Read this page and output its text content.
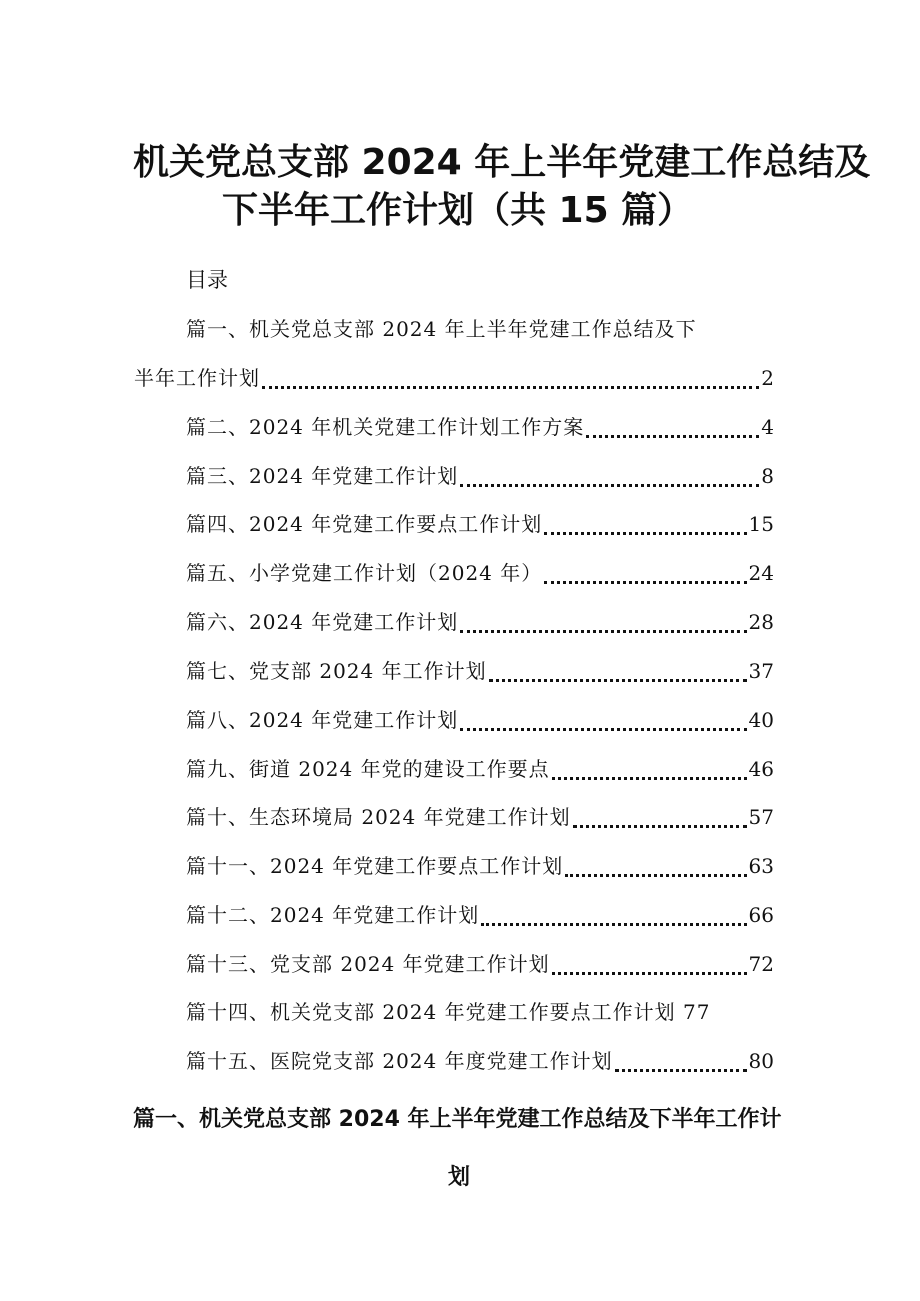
机关党总支部 2024 年上半年党建工作总结及
下半年工作计划（共 15 篇）
目录
篇一、机关党总支部 2024 年上半年党建工作总结及下
半年工作计划	2
篇二、2024 年机关党建工作计划工作方案	4
篇三、2024 年党建工作计划	8
篇四、2024 年党建工作要点工作计划	15
篇五、小学党建工作计划（2024 年）	24
篇六、2024 年党建工作计划	28
篇七、党支部 2024 年工作计划	37
篇八、2024 年党建工作计划	40
篇九、街道 2024 年党的建设工作要点	46
篇十、生态环境局 2024 年党建工作计划	57
篇十一、2024 年党建工作要点工作计划	63
篇十二、2024 年党建工作计划	66
篇十三、党支部 2024 年党建工作计划	72
篇十四、机关党支部 2024 年党建工作要点工作计划 77
篇十五、医院党支部 2024 年度党建工作计划	80
篇一、机关党总支部 2024 年上半年党建工作总结及下半年工作计
划
